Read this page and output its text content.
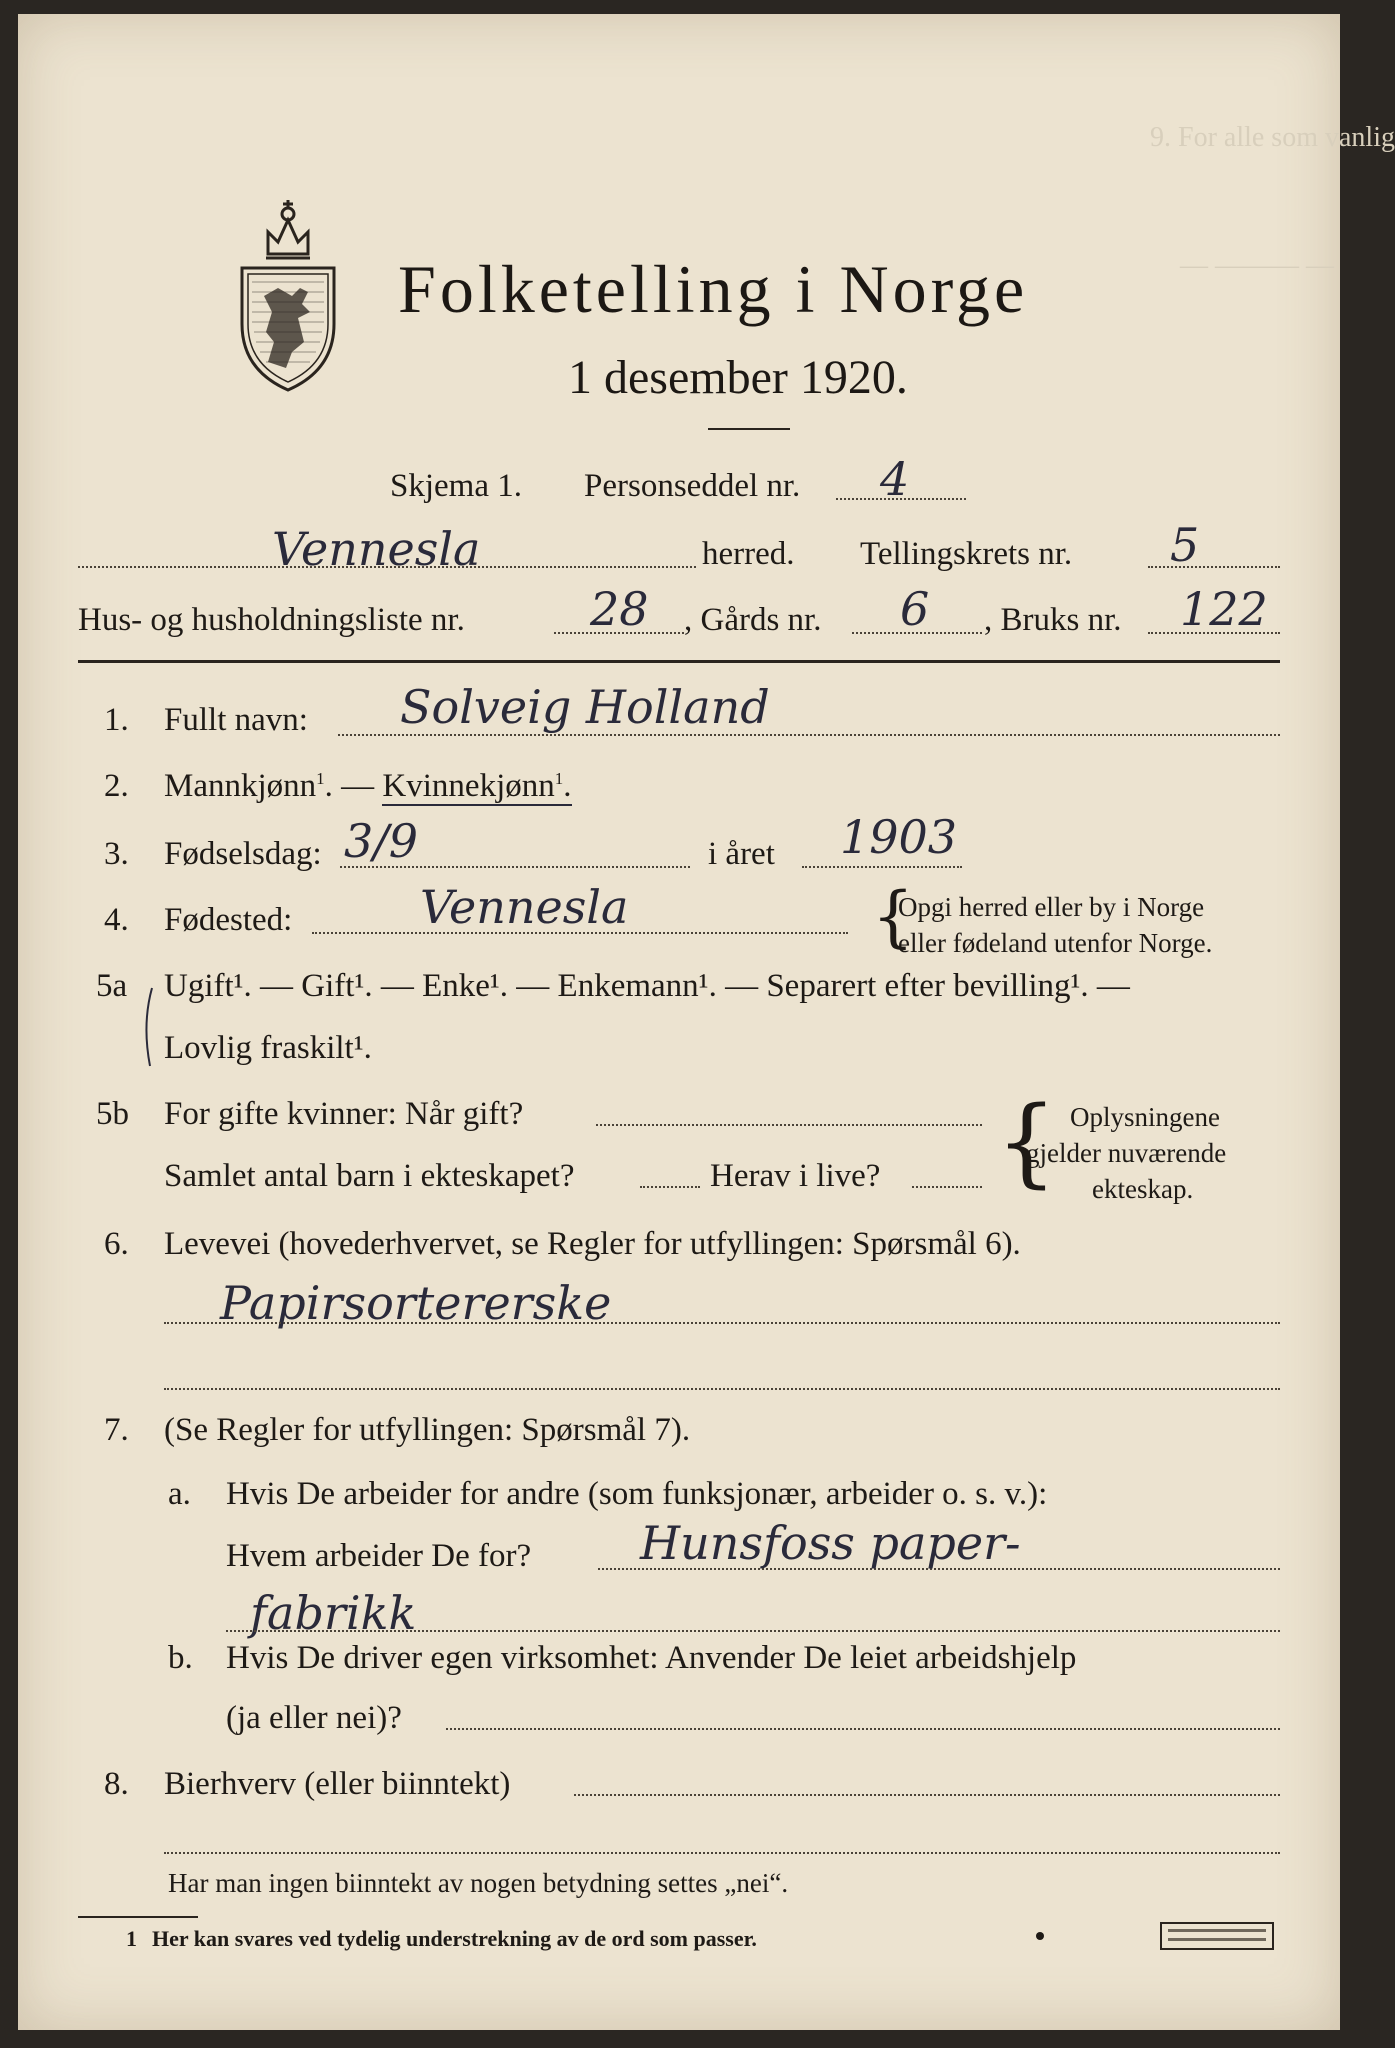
9. For alle som vanlig
— ——— —
Folketelling i Norge
1 desember 1920.
Skjema 1. Personseddel nr. 4
Vennesla	herred. Tellingskrets nr. 5
Hus- og husholdningsliste nr.	28 , Gårds nr. 6 , Bruks nr. 122
1. Fullt navn: Solveig Holland
2. Mannkjønn$^1$. — Kvinnekjønn$^1$.
3. Fødselsdag: 3/9	i året 1903
4. Fødested:	Vennesla	{
Opgi herred eller by i Norge
eller fødeland utenfor Norge.
5a Ugift¹. — Gift¹. — Enke¹. — Enkemann¹. — Separert efter bevilling¹. —
Lovlig fraskilt¹.
5b For gifte kvinner: Når gift?
Samlet antal barn i ekteskapet?	Herav i live? { Oplysningene
gjelder nuværende
ekteskap.
6. Levevei (hovederhvervet, se Regler for utfyllingen: Spørsmål 6).
Papirsortererske
7. (Se Regler for utfyllingen: Spørsmål 7).
a. Hvis De arbeider for andre (som funksjonær, arbeider o. s. v.):
Hvem arbeider De for? Hunsfoss paper-
fabrikk
b. Hvis De driver egen virksomhet: Anvender De leiet arbeidshjelp
(ja eller nei)?
8. Bierhverv (eller biinntekt)
Har man ingen biinntekt av nogen betydning settes „nei“.
1 Her kan svares ved tydelig understrekning av de ord som passer.
